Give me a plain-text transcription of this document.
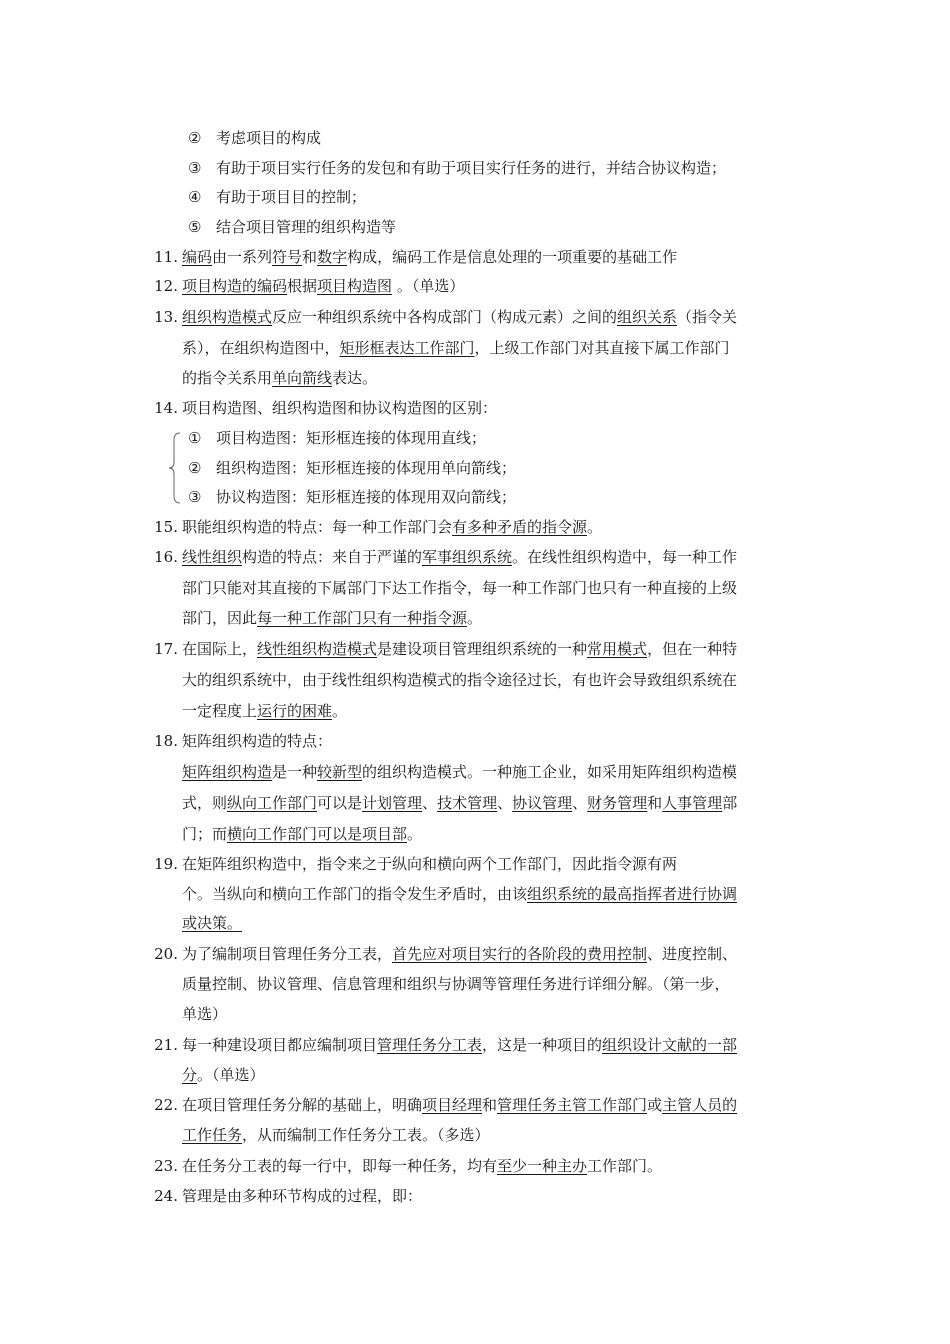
② 考虑项目的构成
③ 有助于项目实行任务的发包和有助于项目实行任务的进行，并结合协议构造；
④ 有助于项目目的控制；
⑤ 结合项目管理的组织构造等
11. 编码由一系列符号和数字构成，编码工作是信息处理的一项重要的基础工作
12. 项目构造的编码根据项目构造图 。（单选）
13. 组织构造模式反应一种组织系统中各构成部门（构成元素）之间的组织关系（指令关
系），在组织构造图中，矩形框表达工作部门，上级工作部门对其直接下属工作部门
的指令关系用单向箭线表达。
14. 项目构造图、组织构造图和协议构造图的区别：
① 项目构造图：矩形框连接的体现用直线；
② 组织构造图：矩形框连接的体现用单向箭线；
③ 协议构造图：矩形框连接的体现用双向箭线；
15. 职能组织构造的特点：每一种工作部门会有多种矛盾的指令源。
16. 线性组织构造的特点：来自于严谨的军事组织系统。在线性组织构造中，每一种工作
部门只能对其直接的下属部门下达工作指令，每一种工作部门也只有一种直接的上级
部门，因此每一种工作部门只有一种指令源。
17. 在国际上，线性组织构造模式是建设项目管理组织系统的一种常用模式，但在一种特
大的组织系统中，由于线性组织构造模式的指令途径过长，有也许会导致组织系统在
一定程度上运行的困难。
18. 矩阵组织构造的特点：
矩阵组织构造是一种较新型的组织构造模式。一种施工企业，如采用矩阵组织构造模
式，则纵向工作部门可以是计划管理、技术管理、协议管理、财务管理和人事管理部
门；而横向工作部门可以是项目部。
19. 在矩阵组织构造中，指令来之于纵向和横向两个工作部门，因此指令源有两
个。当纵向和横向工作部门的指令发生矛盾时，由该组织系统的最高指挥者进行协调
或决策。
20. 为了编制项目管理任务分工表，首先应对项目实行的各阶段的费用控制、进度控制、
质量控制、协议管理、信息管理和组织与协调等管理任务进行详细分解。（第一步，
单选）
21. 每一种建设项目都应编制项目管理任务分工表，这是一种项目的组织设计文献的一部
分。（单选）
22. 在项目管理任务分解的基础上，明确项目经理和管理任务主管工作部门或主管人员的
工作任务，从而编制工作任务分工表。（多选）
23. 在任务分工表的每一行中，即每一种任务，均有至少一种主办工作部门。
24. 管理是由多种环节构成的过程，即：
